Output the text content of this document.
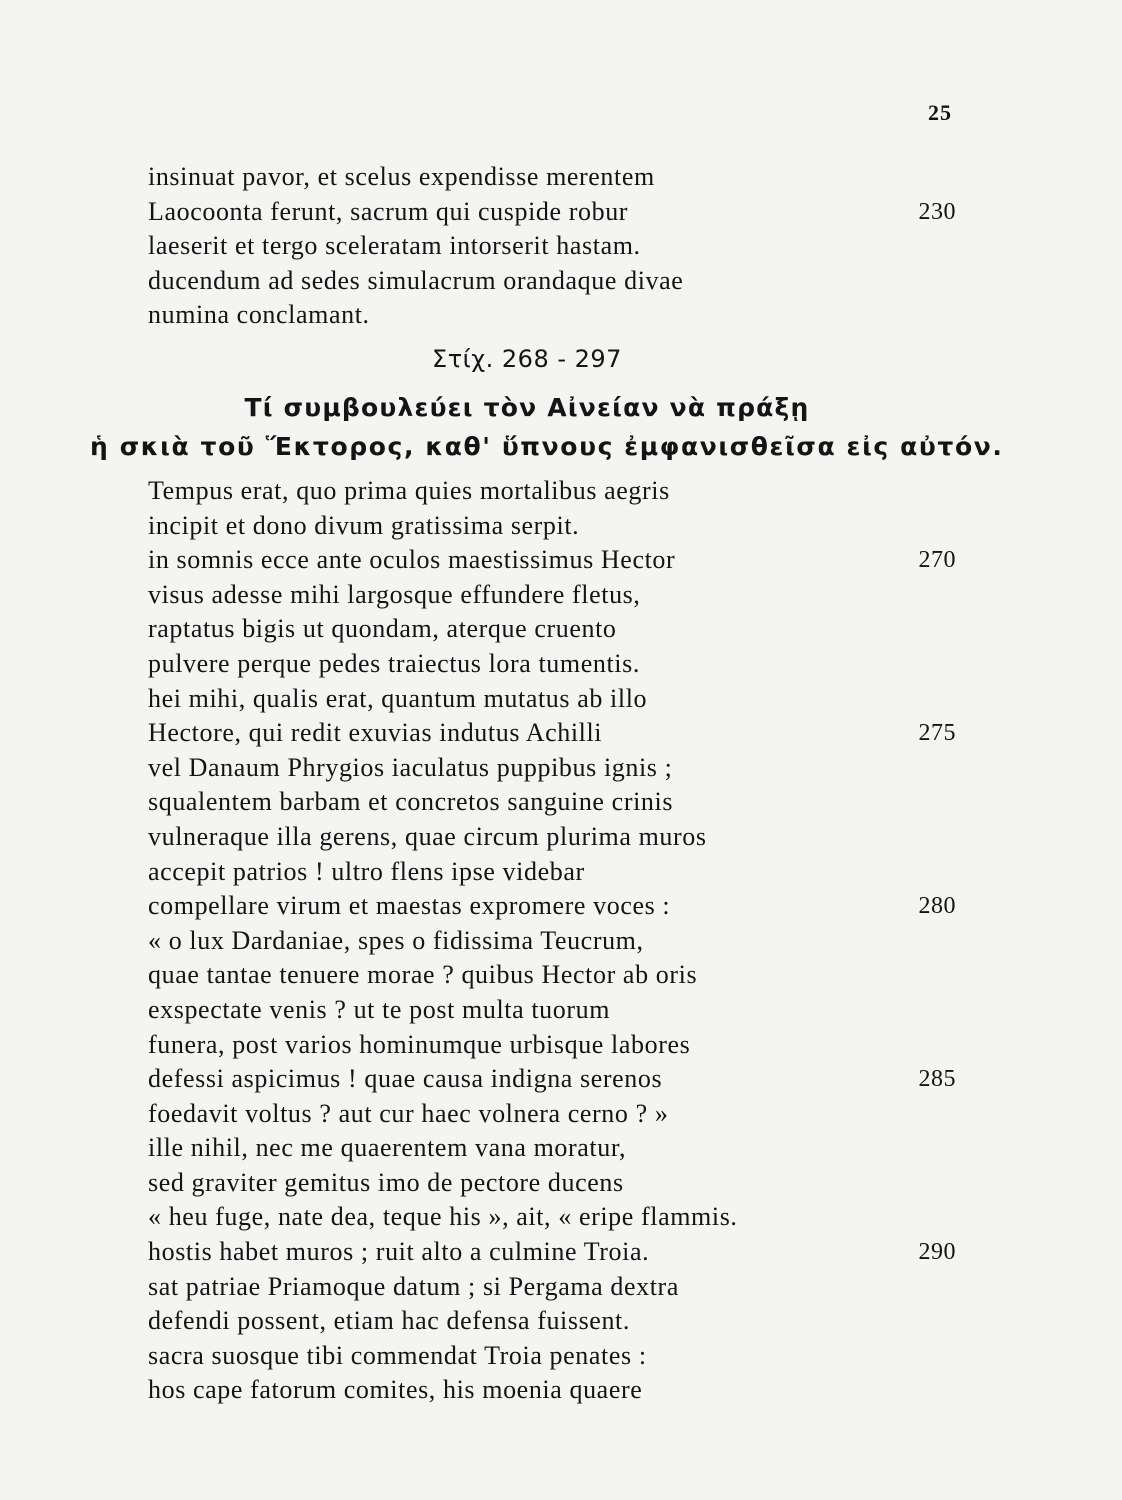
25
insinuat pavor, et scelus expendisse merentem
Laocoonta ferunt, sacrum qui cuspide robur	230
laeserit et tergo sceleratam intorserit hastam.
ducendum ad sedes simulacrum orandaque divae
numina conclamant.
Στίχ. 268 - 297
Τί συμβουλεύει τὸν Αἰνείαν νὰ πράξῃ
ἡ σκιὰ τοῦ Ἕκτορος, καθ' ὕπνους ἐμφανισθεῖσα εἰς αὐτόν.
Tempus erat, quo prima quies mortalibus aegris
incipit et dono divum gratissima serpit.
in somnis ecce ante oculos maestissimus Hector	270
visus adesse mihi largosque effundere fletus,
raptatus bigis ut quondam, aterque cruento
pulvere perque pedes traiectus lora tumentis.
hei mihi, qualis erat, quantum mutatus ab illo
Hectore, qui redit exuvias indutus Achilli	275
vel Danaum Phrygios iaculatus puppibus ignis ;
squalentem barbam et concretos sanguine crinis
vulneraque illa gerens, quae circum plurima muros
accepit patrios ! ultro flens ipse videbar
compellare virum et maestas expromere voces :	280
« o lux Dardaniae, spes o fidissima Teucrum,
quae tantae tenuere morae ? quibus Hector ab oris
exspectate venis ? ut te post multa tuorum
funera, post varios hominumque urbisque labores
defessi aspicimus ! quae causa indigna serenos	285
foedavit voltus ? aut cur haec volnera cerno ? »
ille nihil, nec me quaerentem vana moratur,
sed graviter gemitus imo de pectore ducens
« heu fuge, nate dea, teque his », ait, « eripe flammis.
hostis habet muros ; ruit alto a culmine Troia.	290
sat patriae Priamoque datum ; si Pergama dextra
defendi possent, etiam hac defensa fuissent.
sacra suosque tibi commendat Troia penates :
hos cape fatorum comites, his moenia quaere
